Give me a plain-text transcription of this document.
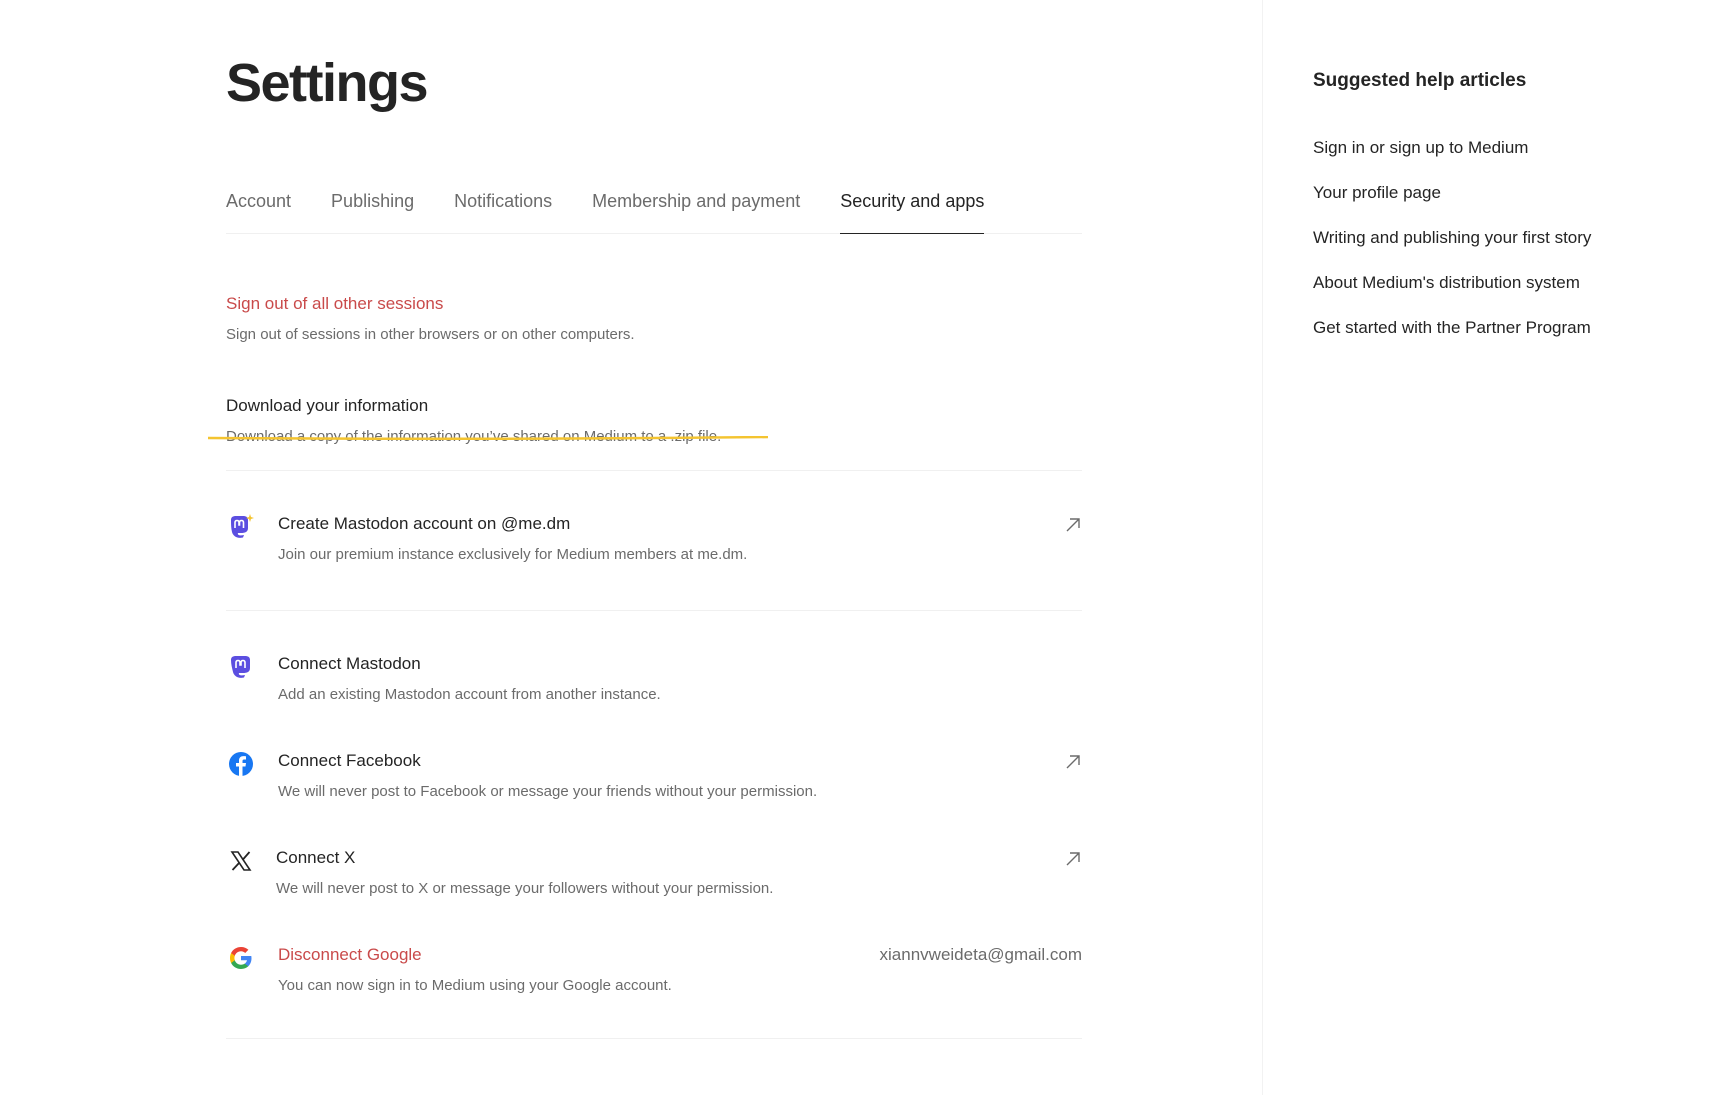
Settings
Account Publishing Notifications Membership and payment Security and apps
Sign out of all other sessions
Sign out of sessions in other browsers or on other computers.
Download your information
Download a copy of the information you’ve shared on Medium to a .zip file.
Create Mastodon account on @me.dm
Join our premium instance exclusively for Medium members at me.dm.
Connect Mastodon
Add an existing Mastodon account from another instance.
Connect Facebook
We will never post to Facebook or message your friends without your permission.
Connect X
We will never post to X or message your followers without your permission.
Disconnect Google
You can now sign in to Medium using your Google account.
xiannvweideta@gmail.com
Suggested help articles
Sign in or sign up to Medium
Your profile page
Writing and publishing your first story
About Medium's distribution system
Get started with the Partner Program
